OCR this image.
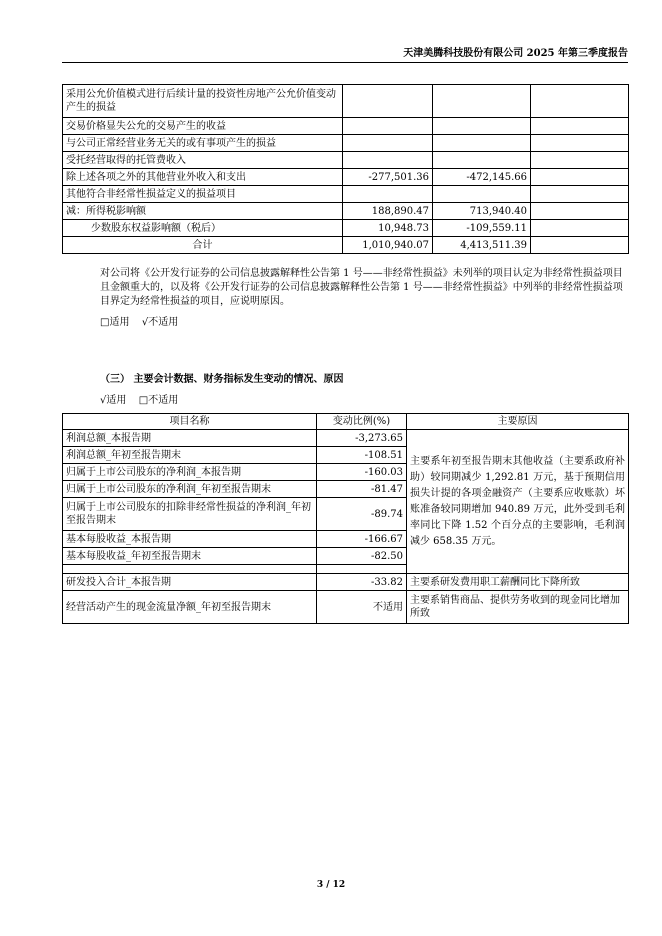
天津美腾科技股份有限公司 2025 年第三季度报告
采用公允价值模式进行后续计量的投资性房地产公允价值变动产生的损益			
交易价格显失公允的交易产生的收益			
与公司正常经营业务无关的或有事项产生的损益			
受托经营取得的托管费收入			
除上述各项之外的其他营业外收入和支出	-277,501.36	-472,145.66	
其他符合非经常性损益定义的损益项目			
减：所得税影响额	188,890.47	713,940.40	
少数股东权益影响额（税后）	10,948.73	-109,559.11	
合计	1,010,940.07	4,413,511.39	
对公司将《公开发行证券的公司信息披露解释性公告第 1 号——非经常性损益》未列举的项目认定为非经常性损益项目且金额重大的，以及将《公开发行证券的公司信息披露解释性公告第 1 号——非经常性损益》中列举的非经常性损益项目界定为经常性损益的项目，应说明原因。
□适用 √不适用
（三） 主要会计数据、财务指标发生变动的情况、原因
√适用 □不适用
项目名称	变动比例(%)	主要原因
利润总额_本报告期	-3,273.65	主要系年初至报告期末其他收益（主要系政府补助）较同期减少 1,292.81 万元，基于预期信用损失计提的各项金融资产（主要系应收账款）坏账准备较同期增加 940.89 万元，此外受到毛利率同比下降 1.52 个百分点的主要影响，毛利润减少 658.35 万元。
利润总额_年初至报告期末	-108.51	
归属于上市公司股东的净利润_本报告期	-160.03	
归属于上市公司股东的净利润_年初至报告期末	-81.47	
归属于上市公司股东的扣除非经常性损益的净利润_年初至报告期末	-89.74	
基本每股收益_本报告期	-166.67	
基本每股收益_年初至报告期末	-82.50	

研发投入合计_本报告期	-33.82	主要系研发费用职工薪酬同比下降所致
经营活动产生的现金流量净额_年初至报告期末	不适用	主要系销售商品、提供劳务收到的现金同比增加所致
3 / 12
